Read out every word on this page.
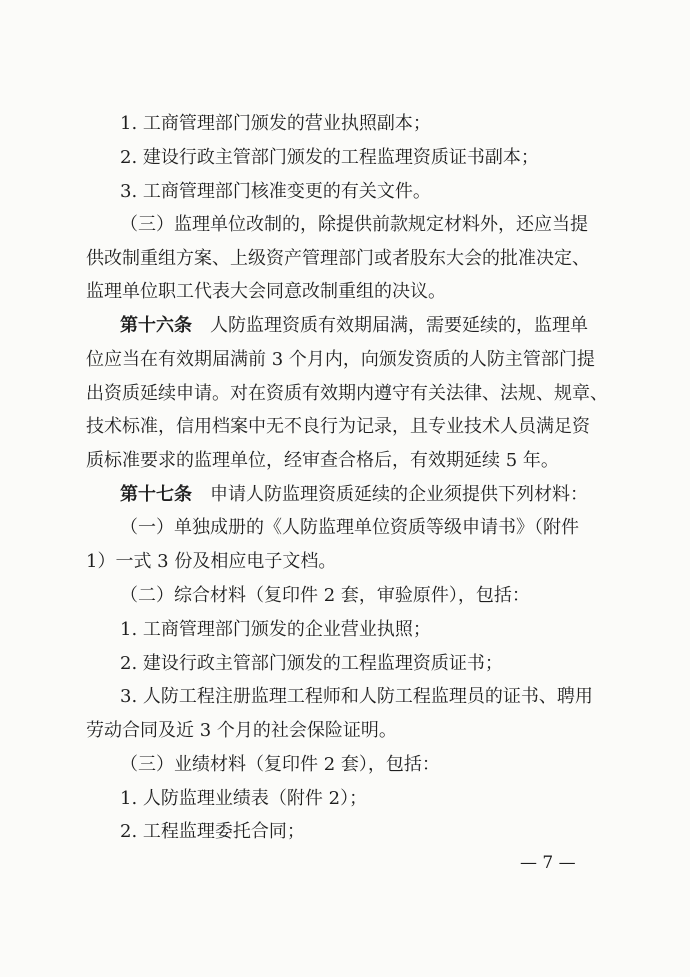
1. 工商管理部门颁发的营业执照副本；
2. 建设行政主管部门颁发的工程监理资质证书副本；
3. 工商管理部门核准变更的有关文件。
（三）监理单位改制的，除提供前款规定材料外，还应当提
供改制重组方案、上级资产管理部门或者股东大会的批准决定、
监理单位职工代表大会同意改制重组的决议。
第十六条 人防监理资质有效期届满，需要延续的，监理单
位应当在有效期届满前 3 个月内，向颁发资质的人防主管部门提
出资质延续申请。对在资质有效期内遵守有关法律、法规、规章、
技术标准，信用档案中无不良行为记录，且专业技术人员满足资
质标准要求的监理单位，经审查合格后，有效期延续 5 年。
第十七条 申请人防监理资质延续的企业须提供下列材料：
（一）单独成册的《人防监理单位资质等级申请书》（附件
1）一式 3 份及相应电子文档。
（二）综合材料（复印件 2 套，审验原件），包括：
1. 工商管理部门颁发的企业营业执照；
2. 建设行政主管部门颁发的工程监理资质证书；
3. 人防工程注册监理工程师和人防工程监理员的证书、聘用
劳动合同及近 3 个月的社会保险证明。
（三）业绩材料（复印件 2 套），包括：
1. 人防监理业绩表（附件 2）；
2. 工程监理委托合同；
— 7 —
